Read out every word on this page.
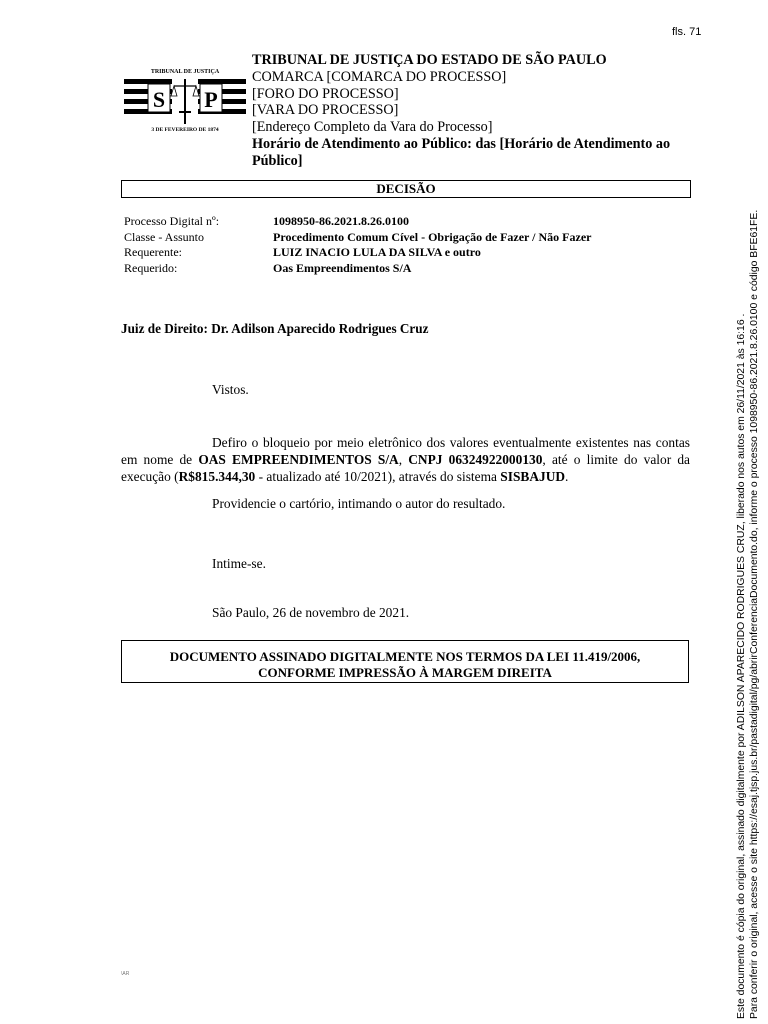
fls. 71
TRIBUNAL DE JUSTIÇA
S P
3 DE FEVEREIRO DE 1874
TRIBUNAL DE JUSTIÇA DO ESTADO DE SÃO PAULO
COMARCA [COMARCA DO PROCESSO]
[FORO DO PROCESSO]
[VARA DO PROCESSO]
[Endereço Completo da Vara do Processo]
Horário de Atendimento ao Público: das [Horário de Atendimento ao Público]
DECISÃO
Processo Digital nº:	1098950-86.2021.8.26.0100
Classe - Assunto	Procedimento Comum Cível - Obrigação de Fazer / Não Fazer
Requerente:	LUIZ INACIO LULA DA SILVA e outro
Requerido:	Oas Empreendimentos S/A
Juiz de Direito: Dr. Adilson Aparecido Rodrigues Cruz
Vistos.
Defiro o bloqueio por meio eletrônico dos valores eventualmente existentes nas contas em nome de OAS EMPREENDIMENTOS S/A, CNPJ 06324922000130, até o limite do valor da execução (R$815.344,30 - atualizado até 10/2021), através do sistema SISBAJUD.
Providencie o cartório, intimando o autor do resultado.
Intime-se.
São Paulo, 26 de novembro de 2021.
DOCUMENTO ASSINADO DIGITALMENTE NOS TERMOS DA LEI 11.419/2006,
CONFORME IMPRESSÃO À MARGEM DIREITA
\AR	Este documento é cópia do original, assinado digitalmente por ADILSON APARECIDO RODRIGUES CRUZ, liberado nos autos em 26/11/2021 às 16:16 . Para conferir o original, acesse o site https://esaj.tjsp.jus.br/pastadigital/pg/abrirConferenciaDocumento.do, informe o processo 1098950-86.2021.8.26.0100 e código BFE61FE.
